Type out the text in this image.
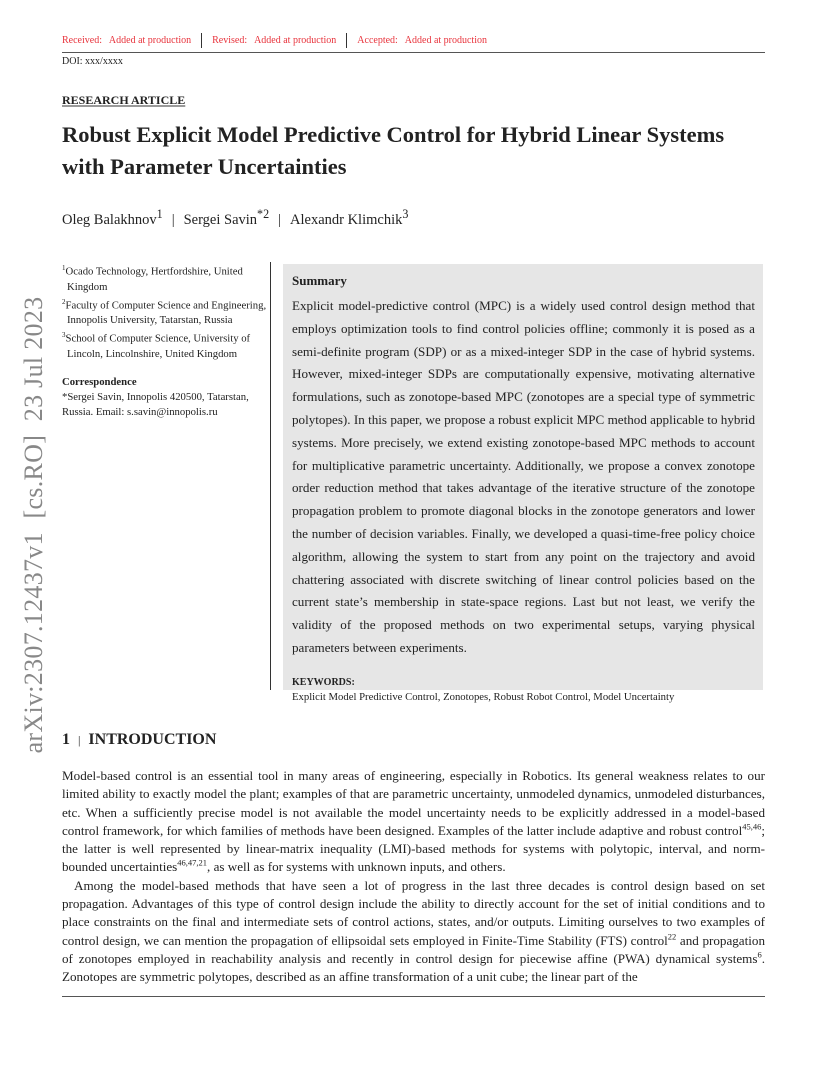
Received:   Added at production Revised:   Added at production Accepted:   Added at production
DOI: xxx/xxxx
RESEARCH ARTICLE
Robust Explicit Model Predictive Control for Hybrid Linear Systems with Parameter Uncertainties
Oleg Balakhnov$^1$ | Sergei Savin$^{*2}$ | Alexandr Klimchik$^3$
$^1$Ocado Technology, Hertfordshire, United Kingdom
$^2$Faculty of Computer Science and Engineering, Innopolis University, Tatarstan, Russia
$^3$School of Computer Science, University of Lincoln, Lincolnshire, United Kingdom
Correspondence
*Sergei Savin, Innopolis 420500, Tatarstan, Russia. Email: s.savin@innopolis.ru
arXiv:2307.12437v1  [cs.RO]  23 Jul 2023
Summary

Explicit model-predictive control (MPC) is a widely used control design method that employs optimization tools to find control policies offline; commonly it is posed as a semi-definite program (SDP) or as a mixed-integer SDP in the case of hybrid systems. However, mixed-integer SDPs are computationally expensive, motivating alternative formulations, such as zonotope-based MPC (zonotopes are a special type of symmetric polytopes). In this paper, we propose a robust explicit MPC method applicable to hybrid systems. More precisely, we extend existing zonotope-based MPC methods to account for multiplicative parametric uncertainty. Additionally, we propose a convex zonotope order reduction method that takes advantage of the iterative structure of the zonotope propagation problem to promote diagonal blocks in the zonotope generators and lower the number of decision variables. Finally, we developed a quasi-time-free policy choice algorithm, allowing the system to start from any point on the trajectory and avoid chattering associated with discrete switching of linear control policies based on the current state’s membership in state-space regions. Last but not least, we verify the validity of the proposed methods on two experimental setups, varying physical parameters between experiments.

KEYWORDS:
Explicit Model Predictive Control, Zonotopes, Robust Robot Control, Model Uncertainty
1 | INTRODUCTION

Model-based control is an essential tool in many areas of engineering, especially in Robotics. Its general weakness relates to our limited ability to exactly model the plant; examples of that are parametric uncertainty, unmodeled dynamics, unmodeled disturbances, etc. When a sufficiently precise model is not available the model uncertainty needs to be explicitly addressed in a model-based control framework, for which families of methods have been designed. Examples of the latter include adaptive and robust control$^{45,46}$; the latter is well represented by linear-matrix inequality (LMI)-based methods for systems with polytopic, interval, and norm-bounded uncertainties$^{46,47,21}$, as well as for systems with unknown inputs, and others.

Among the model-based methods that have seen a lot of progress in the last three decades is control design based on set propagation. Advantages of this type of control design include the ability to directly account for the set of initial conditions and to place constraints on the final and intermediate sets of control actions, states, and/or outputs. Limiting ourselves to two examples of control design, we can mention the propagation of ellipsoidal sets employed in Finite-Time Stability (FTS) control$^{22}$ and propagation of zonotopes employed in reachability analysis and recently in control design for piecewise affine (PWA) dynamical systems$^6$. Zonotopes are symmetric polytopes, described as an affine transformation of a unit cube; the linear part of the
